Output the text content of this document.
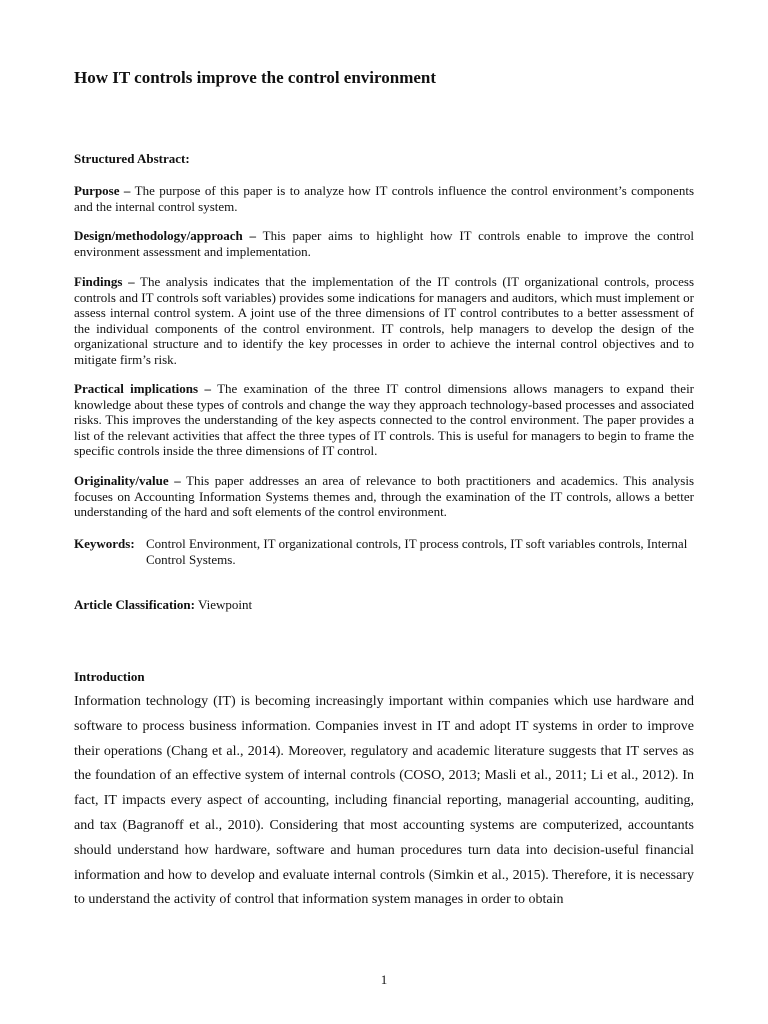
How IT controls improve the control environment
Structured Abstract:

Purpose – The purpose of this paper is to analyze how IT controls influence the control environment’s components and the internal control system.

Design/methodology/approach – This paper aims to highlight how IT controls enable to improve the control environment assessment and implementation.

Findings – The analysis indicates that the implementation of the IT controls (IT organizational controls, process controls and IT controls soft variables) provides some indications for managers and auditors, which must implement or assess internal control system. A joint use of the three dimensions of IT control contributes to a better assessment of the individual components of the control environment. IT controls, help managers to develop the design of the organizational structure and to identify the key processes in order to achieve the internal control objectives and to mitigate firm’s risk.

Practical implications – The examination of the three IT control dimensions allows managers to expand their knowledge about these types of controls and change the way they approach technology-based processes and associated risks. This improves the understanding of the key aspects connected to the control environment. The paper provides a list of the relevant activities that affect the three types of IT controls. This is useful for managers to begin to frame the specific controls inside the three dimensions of IT control.

Originality/value – This paper addresses an area of relevance to both practitioners and academics. This analysis focuses on Accounting Information Systems themes and, through the examination of the IT controls, allows a better understanding of the hard and soft elements of the control environment.

Keywords: Control Environment, IT organizational controls, IT process controls, IT soft variables controls, Internal Control Systems.
Article Classification: Viewpoint
Introduction

Information technology (IT) is becoming increasingly important within companies which use hardware and software to process business information. Companies invest in IT and adopt IT systems in order to improve their operations (Chang et al., 2014). Moreover, regulatory and academic literature suggests that IT serves as the foundation of an effective system of internal controls (COSO, 2013; Masli et al., 2011; Li et al., 2012). In fact, IT impacts every aspect of accounting, including financial reporting, managerial accounting, auditing, and tax (Bagranoff et al., 2010). Considering that most accounting systems are computerized, accountants should understand how hardware, software and human procedures turn data into decision-useful financial information and how to develop and evaluate internal controls (Simkin et al., 2015). Therefore, it is necessary to understand the activity of control that information system manages in order to obtain

1
